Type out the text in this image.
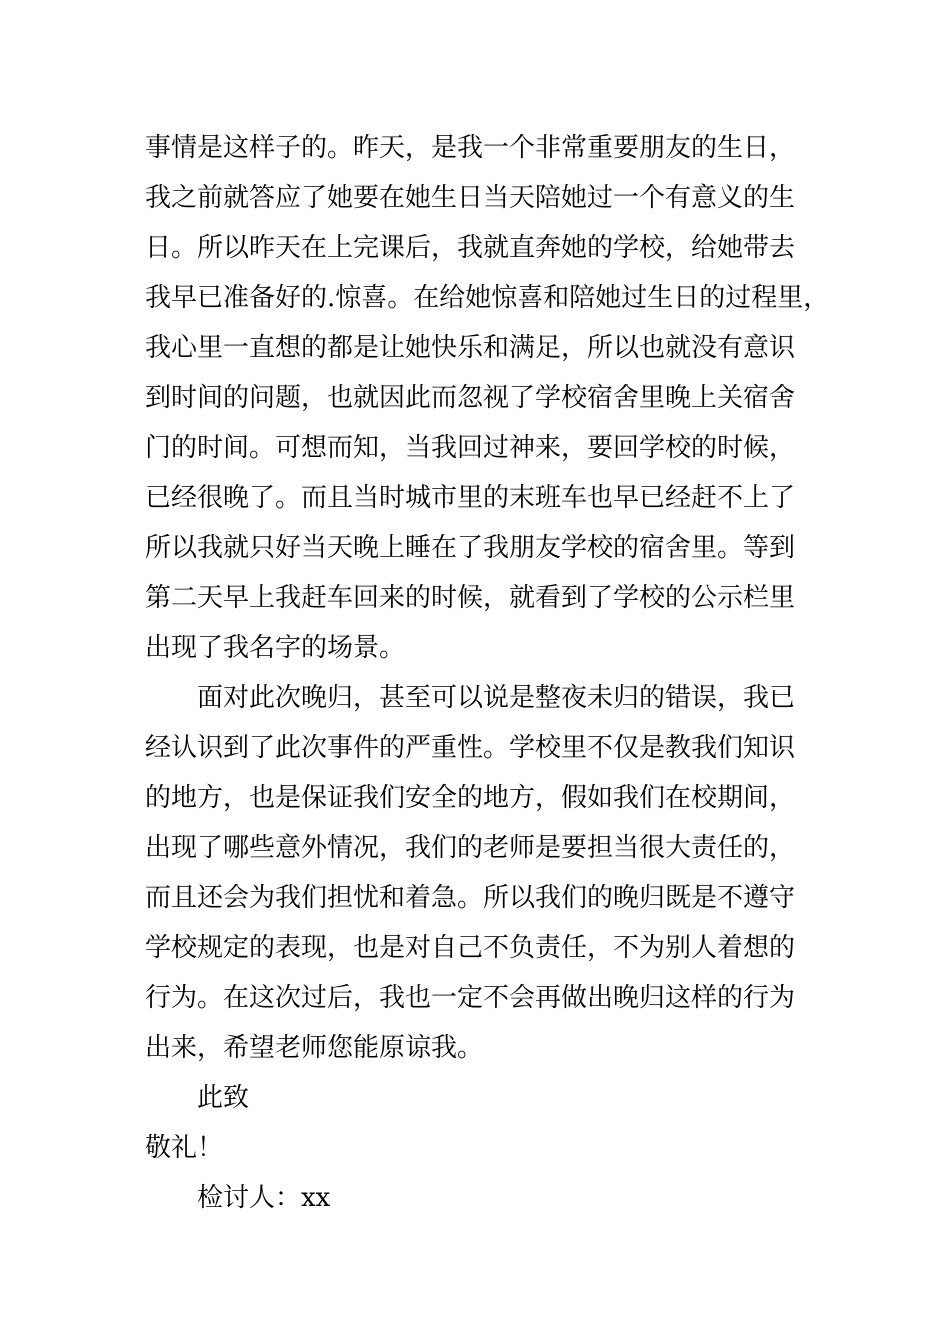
事情是这样子的。昨天，是我一个非常重要朋友的生日，

我之前就答应了她要在她生日当天陪她过一个有意义的生

日。所以昨天在上完课后，我就直奔她的学校，给她带去

我早已准备好的.惊喜。在给她惊喜和陪她过生日的过程里，

我心里一直想的都是让她快乐和满足，所以也就没有意识

到时间的问题，也就因此而忽视了学校宿舍里晚上关宿舍

门的时间。可想而知，当我回过神来，要回学校的时候，

已经很晚了。而且当时城市里的末班车也早已经赶不上了

所以我就只好当天晚上睡在了我朋友学校的宿舍里。等到

第二天早上我赶车回来的时候，就看到了学校的公示栏里

出现了我名字的场景。

面对此次晚归，甚至可以说是整夜未归的错误，我已

经认识到了此次事件的严重性。学校里不仅是教我们知识

的地方，也是保证我们安全的地方，假如我们在校期间，

出现了哪些意外情况，我们的老师是要担当很大责任的，

而且还会为我们担忧和着急。所以我们的晚归既是不遵守

学校规定的表现，也是对自己不负责任，不为别人着想的

行为。在这次过后，我也一定不会再做出晚归这样的行为

出来，希望老师您能原谅我。

此致

敬礼！

检讨人：xx
